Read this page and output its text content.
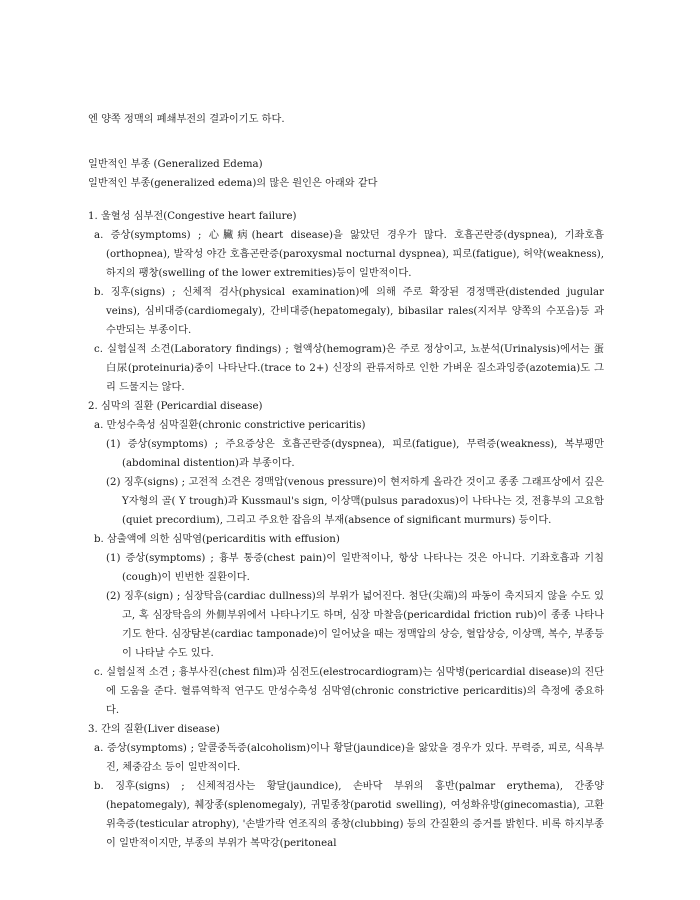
엔 양쪽 정맥의 폐쇄부전의 결과이기도 하다.

일반적인 부종 (Generalized Edema)

일반적인 부종(generalized edema)의 많은 원인은 아래와 같다

1. 울혈성 심부전(Congestive heart failure)

a. 증상(symptoms) ; 心臟病(heart disease)을 앓았던 경우가 많다. 호흡곤란증(dyspnea), 기좌호흡(orthopnea), 발작성 야간 호흡곤란증(paroxysmal nocturnal dyspnea), 피로(fatigue), 허약(weakness), 하지의 팽창(swelling of the lower extremities)등이 일반적이다.

b. 징후(signs) ; 신체적 검사(physical examination)에 의해 주로 확장된 경정맥관(distended jugular veins), 심비대증(cardiomegaly), 간비대증(hepatomegaly), bibasilar rales(지저부 양쪽의 수포음)등 과 수반되는 부종이다.

c. 실험실적 소견(Laboratory findings) ; 혈액상(hemogram)은 주로 정상이고, 뇨분석(Urinalysis)에서는 蛋白尿(proteinuria)중이 나타난다.(trace to 2+) 신장의 관류저하로 인한 가벼운 질소과잉증(azotemia)도 그리 드물지는 않다.

2. 심막의 질환 (Pericardial disease)

a. 만성수축성 심막질환(chronic constrictive pericaritis)

(1) 증상(symptoms) ; 주요증상은 호흡곤란증(dyspnea), 피로(fatigue), 무력증(weakness), 복부팽만(abdominal distention)과 부종이다.

(2) 징후(signs) ; 고전적 소견은 경맥압(venous pressure)이 현저하게 올라간 것이고 종종 그래프상에서 깊은 Y자형의 골( Y trough)과 Kussmaul's sign, 이상맥(pulsus paradoxus)이 나타나는 것, 전흉부의 고요함(quiet precordium), 그리고 주요한 잡음의 부재(absence of significant murmurs) 등이다.

b. 삼출액에 의한 심막염(pericarditis with effusion)

(1) 증상(symptoms) ; 흉부 통증(chest pain)이 일반적이나, 항상 나타나는 것은 아니다. 기좌호흡과 기침(cough)이 빈번한 질환이다.

(2) 징후(sign) ; 심장탁음(cardiac dullness)의 부위가 넓어진다. 첨단(尖端)의 파동이 축지되지 않을 수도 있고, 혹 심장탁음의 外側부위에서 나타나기도 하며, 심장 마찰음(pericardidal friction rub)이 종종 나타나기도 한다. 심장탐본(cardiac tamponade)이 일어났을 때는 정맥압의 상승, 혈압상승, 이상맥, 복수, 부종등이 나타날 수도 있다.

c. 실험실적 소견 ; 흉부사진(chest film)과 심전도(elestrocardiogram)는 심막병(pericardial disease)의 진단에 도움을 준다. 혈류역학적 연구도 만성수축성 심막염(chronic constrictive pericarditis)의 측정에 중요하다.

3. 간의 질환(Liver disease)

a. 증상(symptoms) ; 알콜중독증(alcoholism)이나 황달(jaundice)을 앓았을 경우가 있다. 무력증, 피로, 식욕부진, 체중감소 등이 일반적이다.

b. 징후(signs) ; 신체적검사는 황달(jaundice), 손바닥 부위의 홍반(palmar erythema), 간종양(hepatomegaly), 췌장종(splenomegaly), 귀밑종창(parotid swelling), 여성화유방(ginecomastia), 고환위축증(testicular atrophy), '손발가락 연조직의 종창(clubbing) 등의 간질환의 증거를 밝힌다. 비록 하지부종이 일반적이지만, 부종의 부위가 복막강(peritoneal
